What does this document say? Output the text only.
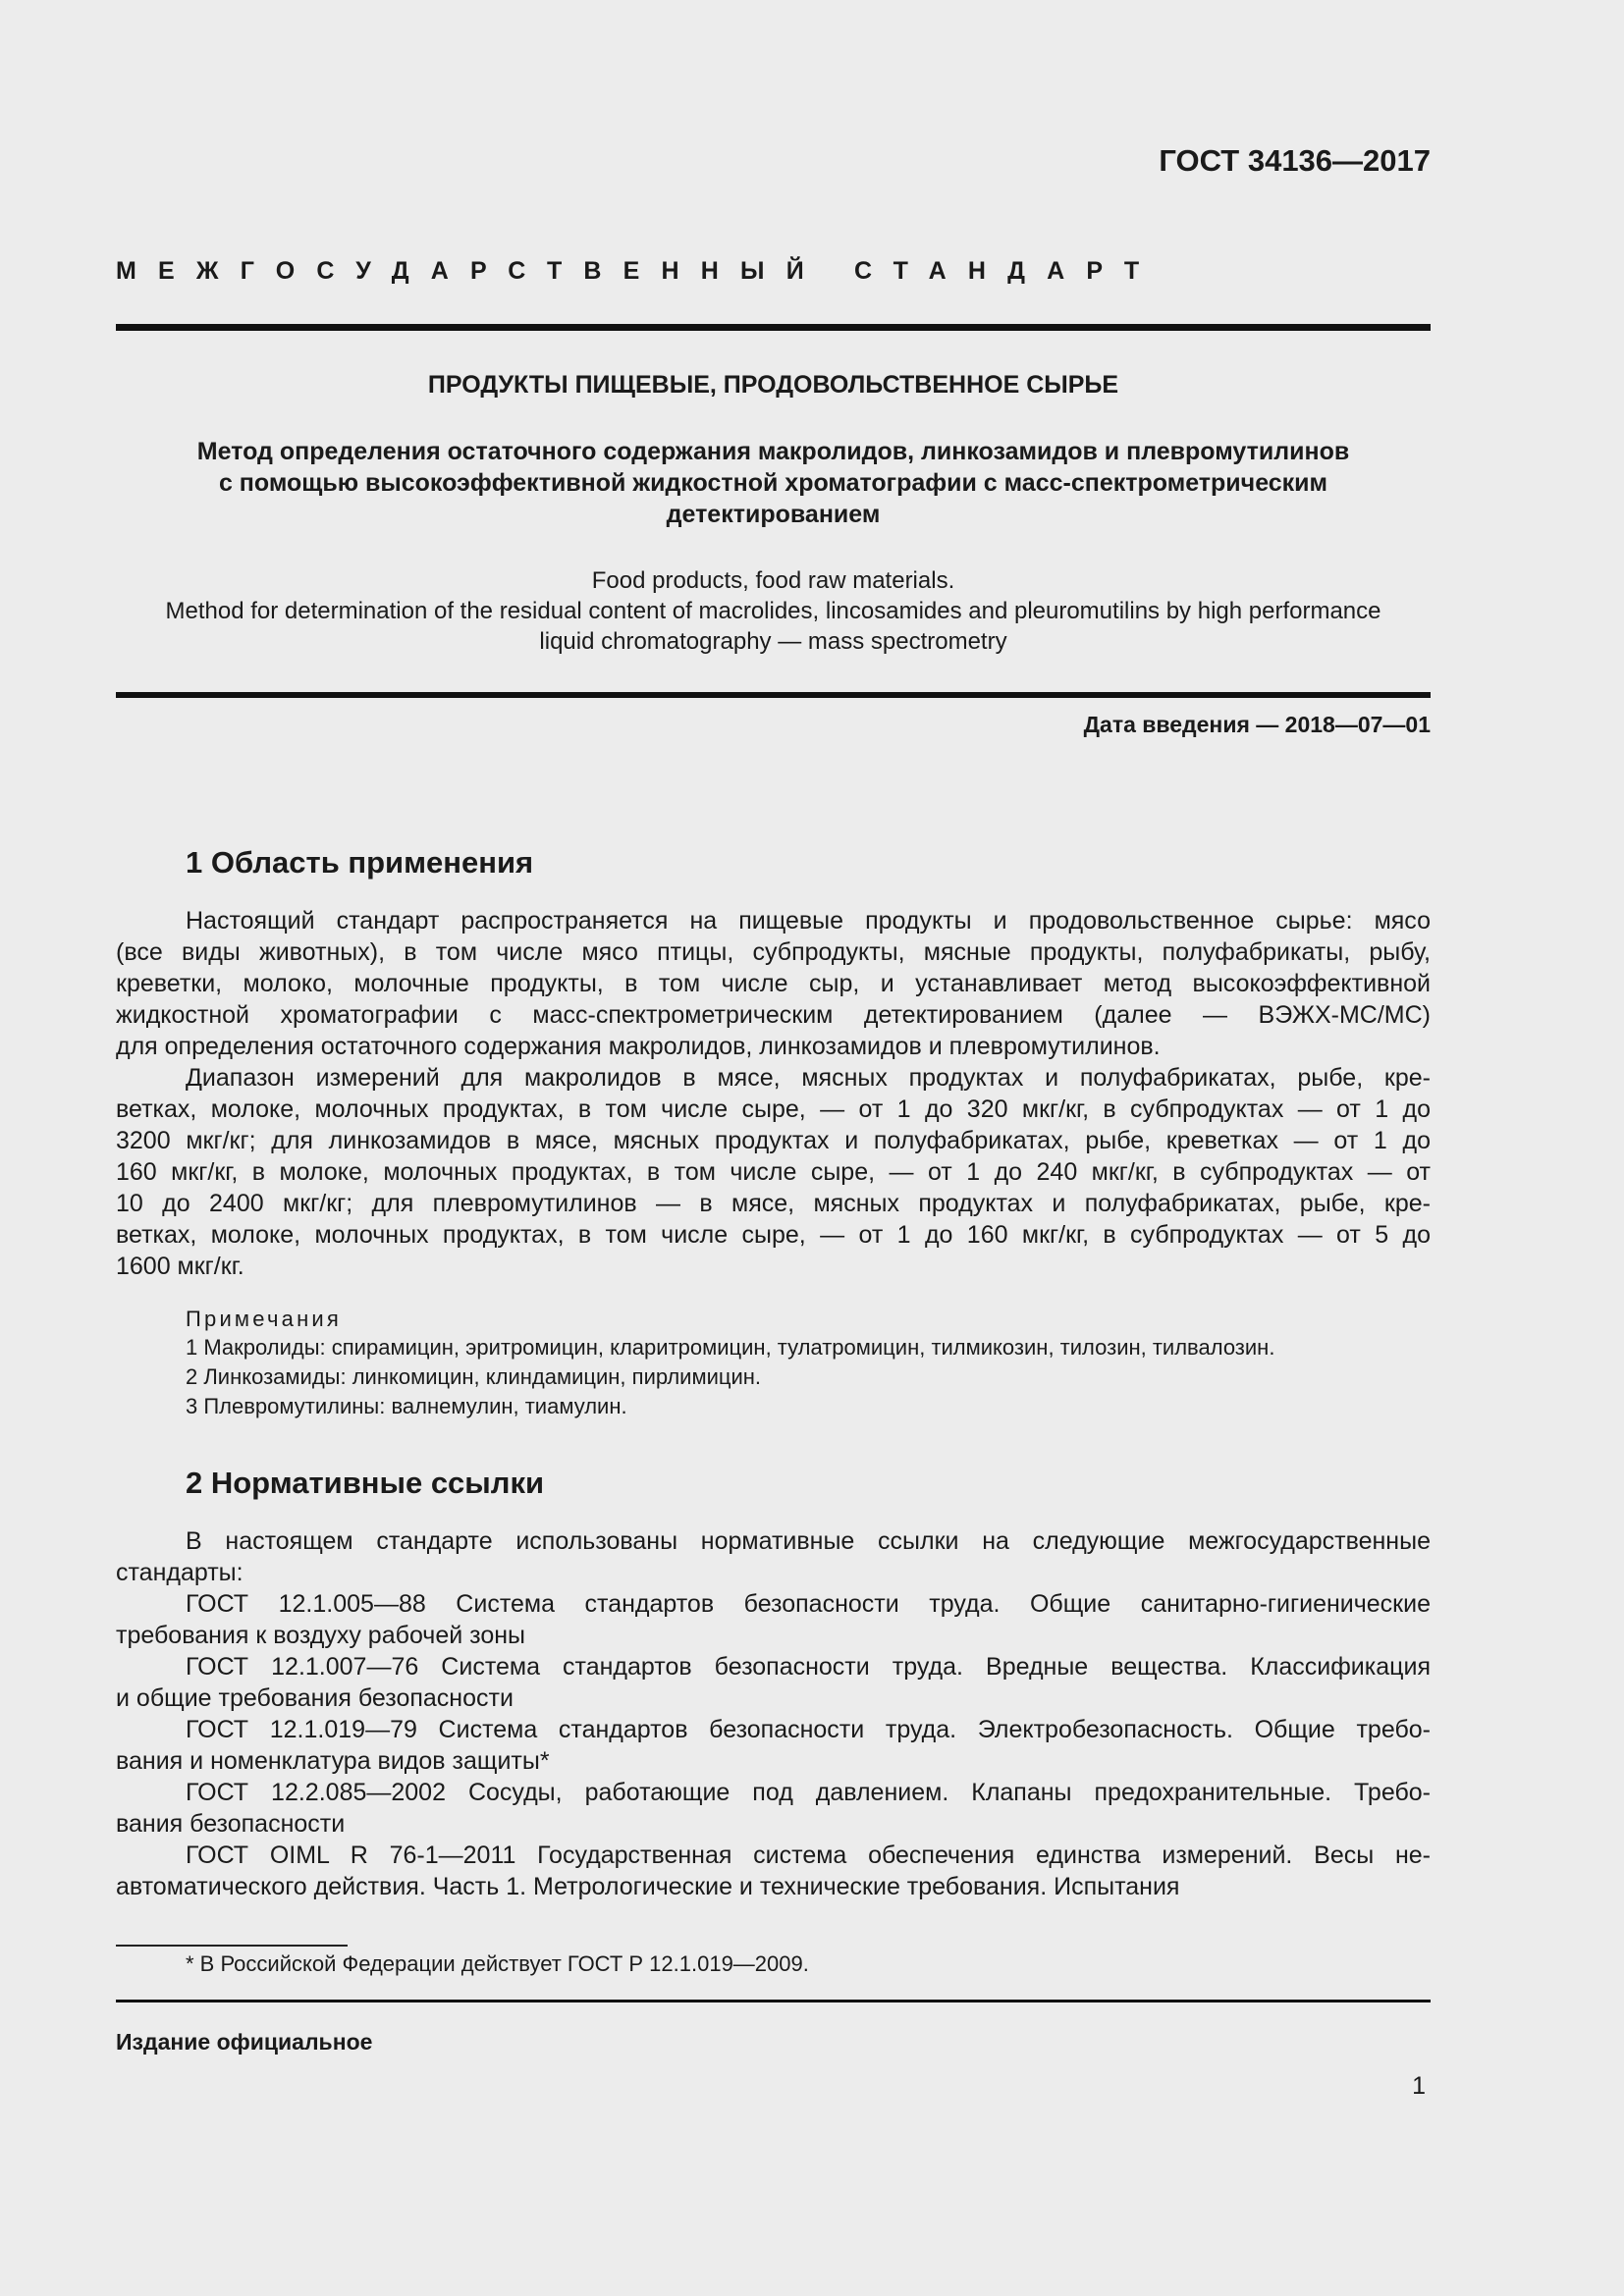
ГОСТ 34136—2017
МЕЖГОСУДАРСТВЕННЫЙ СТАНДАРТ
ПРОДУКТЫ ПИЩЕВЫЕ, ПРОДОВОЛЬСТВЕННОЕ СЫРЬЕ
Метод определения остаточного содержания макролидов, линкозамидов и плевромутилинов
с помощью высокоэффективной жидкостной хроматографии с масс-спектрометрическим
детектированием
Food products, food raw materials.
Method for determination of the residual content of macrolides, lincosamides and pleuromutilins by high performance
liquid chromatography — mass spectrometry
Дата введения — 2018—07—01
1 Область применения
Настоящий стандарт распространяется на пищевые продукты и продовольственное сырье: мясо
(все виды животных), в том числе мясо птицы, субпродукты, мясные продукты, полуфабрикаты, рыбу,
креветки, молоко, молочные продукты, в том числе сыр, и устанавливает метод высокоэффективной
жидкостной хроматографии с масс-спектрометрическим детектированием (далее — ВЭЖХ-МС/МС)
для определения остаточного содержания макролидов, линкозамидов и плевромутилинов.
Диапазон измерений для макролидов в мясе, мясных продуктах и полуфабрикатах, рыбе, кре-
ветках, молоке, молочных продуктах, в том числе сыре, — от 1 до 320 мкг/кг, в субпродуктах — от 1 до
3200 мкг/кг; для линкозамидов в мясе, мясных продуктах и полуфабрикатах, рыбе, креветках — от 1 до
160 мкг/кг, в молоке, молочных продуктах, в том числе сыре, — от 1 до 240 мкг/кг, в субпродуктах — от
10 до 2400 мкг/кг; для плевромутилинов — в мясе, мясных продуктах и полуфабрикатах, рыбе, кре-
ветках, молоке, молочных продуктах, в том числе сыре, — от 1 до 160 мкг/кг, в субпродуктах — от 5 до
1600 мкг/кг.
Примечания
1 Макролиды: спирамицин, эритромицин, кларитромицин, тулатромицин, тилмикозин, тилозин, тилвалозин.
2 Линкозамиды: линкомицин, клиндамицин, пирлимицин.
3 Плевромутилины: валнемулин, тиамулин.
2 Нормативные ссылки
В настоящем стандарте использованы нормативные ссылки на следующие межгосударственные
стандарты:
ГОСТ 12.1.005—88 Система стандартов безопасности труда. Общие санитарно-гигиенические
требования к воздуху рабочей зоны
ГОСТ 12.1.007—76 Система стандартов безопасности труда. Вредные вещества. Классификация
и общие требования безопасности
ГОСТ 12.1.019—79 Система стандартов безопасности труда. Электробезопасность. Общие требо-
вания и номенклатура видов защиты*
ГОСТ 12.2.085—2002 Сосуды, работающие под давлением. Клапаны предохранительные. Требо-
вания безопасности
ГОСТ OIML R 76-1—2011 Государственная система обеспечения единства измерений. Весы не-
автоматического действия. Часть 1. Метрологические и технические требования. Испытания
* В Российской Федерации действует ГОСТ Р 12.1.019—2009.
Издание официальное
1
